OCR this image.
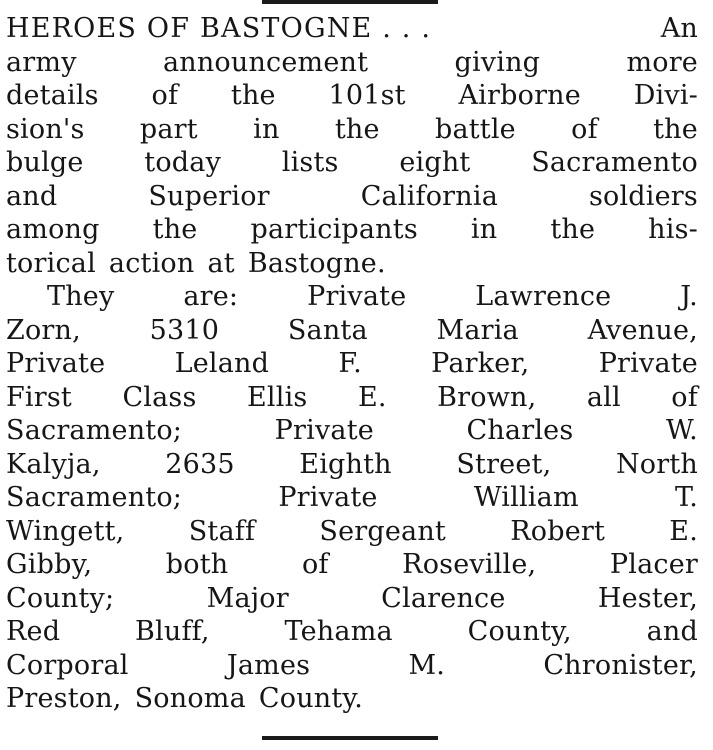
HEROES OF BASTOGNE . . .	An
army	announcement	giving	more
details of the 101st Airborne Divi-
sion's part in the battle of the
bulge today lists eight Sacramento
and	Superior	California	soldiers
among the participants in the his-
torical action at Bastogne.
They	are:	Private	Lawrence	J.
Zorn,	5310	Santa	Maria	Avenue,
Private	Leland	F.	Parker,	Private
First Class Ellis E. Brown, all of
Sacramento;	Private	Charles	W.
Kalyja, 2635 Eighth Street, North
Sacramento;	Private	William	T.
Wingett, Staff Sergeant Robert E.
Gibby,	both	of	Roseville,	Placer
County;	Major	Clarence	Hester,
Red	Bluff,	Tehama	County,	and
Corporal	James	M.	Chronister,
Preston, Sonoma County.
